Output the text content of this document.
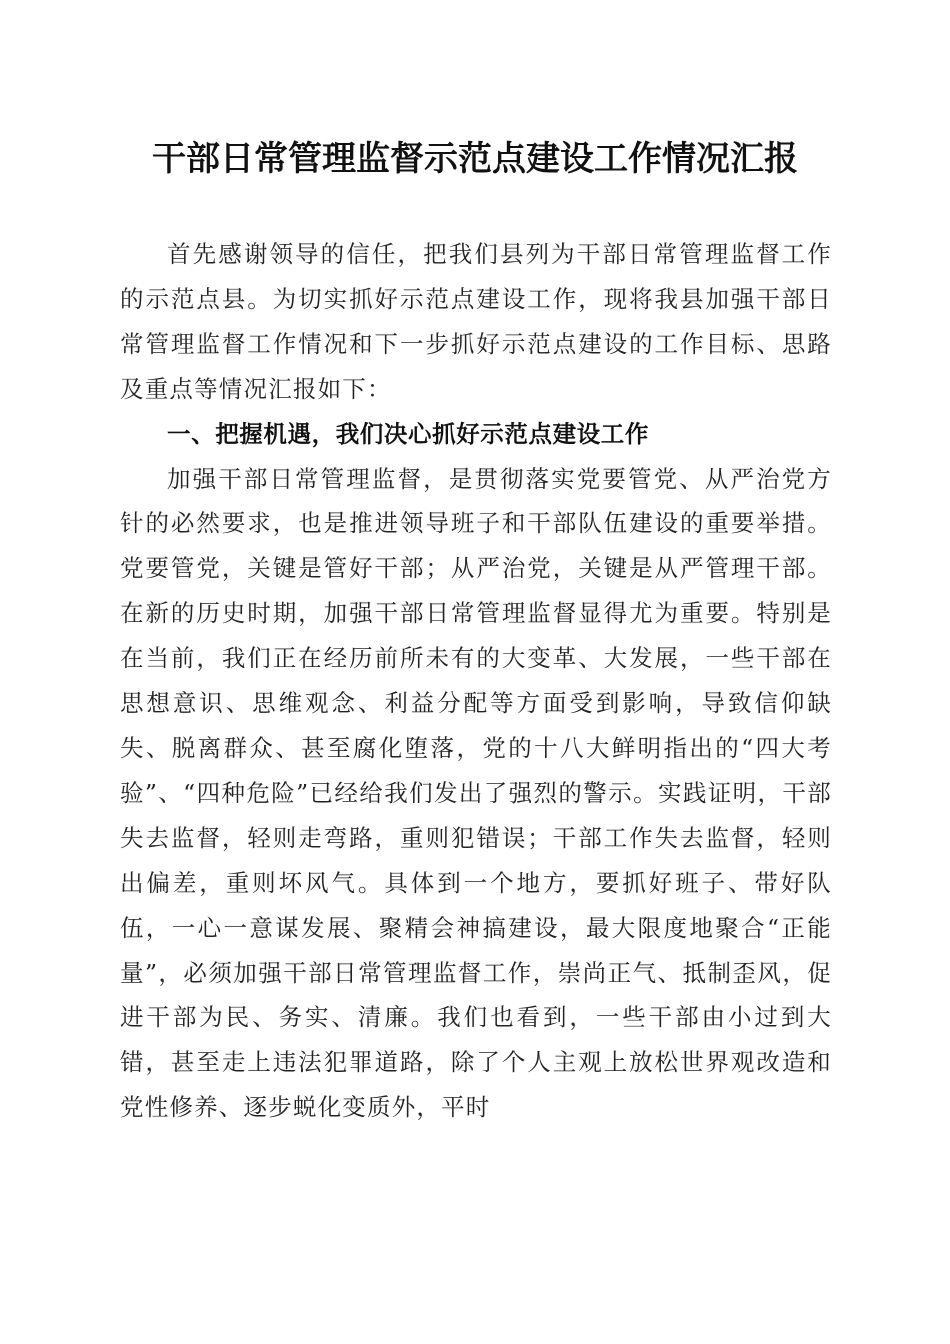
干部日常管理监督示范点建设工作情况汇报

首先感谢领导的信任，把我们县列为干部日常管理监督工作的示范点县。为切实抓好示范点建设工作，现将我县加强干部日常管理监督工作情况和下一步抓好示范点建设的工作目标、思路及重点等情况汇报如下：

一、把握机遇，我们决心抓好示范点建设工作

加强干部日常管理监督，是贯彻落实党要管党、从严治党方针的必然要求，也是推进领导班子和干部队伍建设的重要举措。党要管党，关键是管好干部；从严治党，关键是从严管理干部。在新的历史时期，加强干部日常管理监督显得尤为重要。特别是在当前，我们正在经历前所未有的大变革、大发展，一些干部在思想意识、思维观念、利益分配等方面受到影响，导致信仰缺失、脱离群众、甚至腐化堕落，党的十八大鲜明指出的“四大考验”、“四种危险”已经给我们发出了强烈的警示。实践证明，干部失去监督，轻则走弯路，重则犯错误；干部工作失去监督，轻则出偏差，重则坏风气。具体到一个地方，要抓好班子、带好队伍，一心一意谋发展、聚精会神搞建设，最大限度地聚合“正能量”，必须加强干部日常管理监督工作，崇尚正气、抵制歪风，促进干部为民、务实、清廉。我们也看到，一些干部由小过到大错，甚至走上违法犯罪道路，除了个人主观上放松世界观改造和党性修养、逐步蜕化变质外，平时
